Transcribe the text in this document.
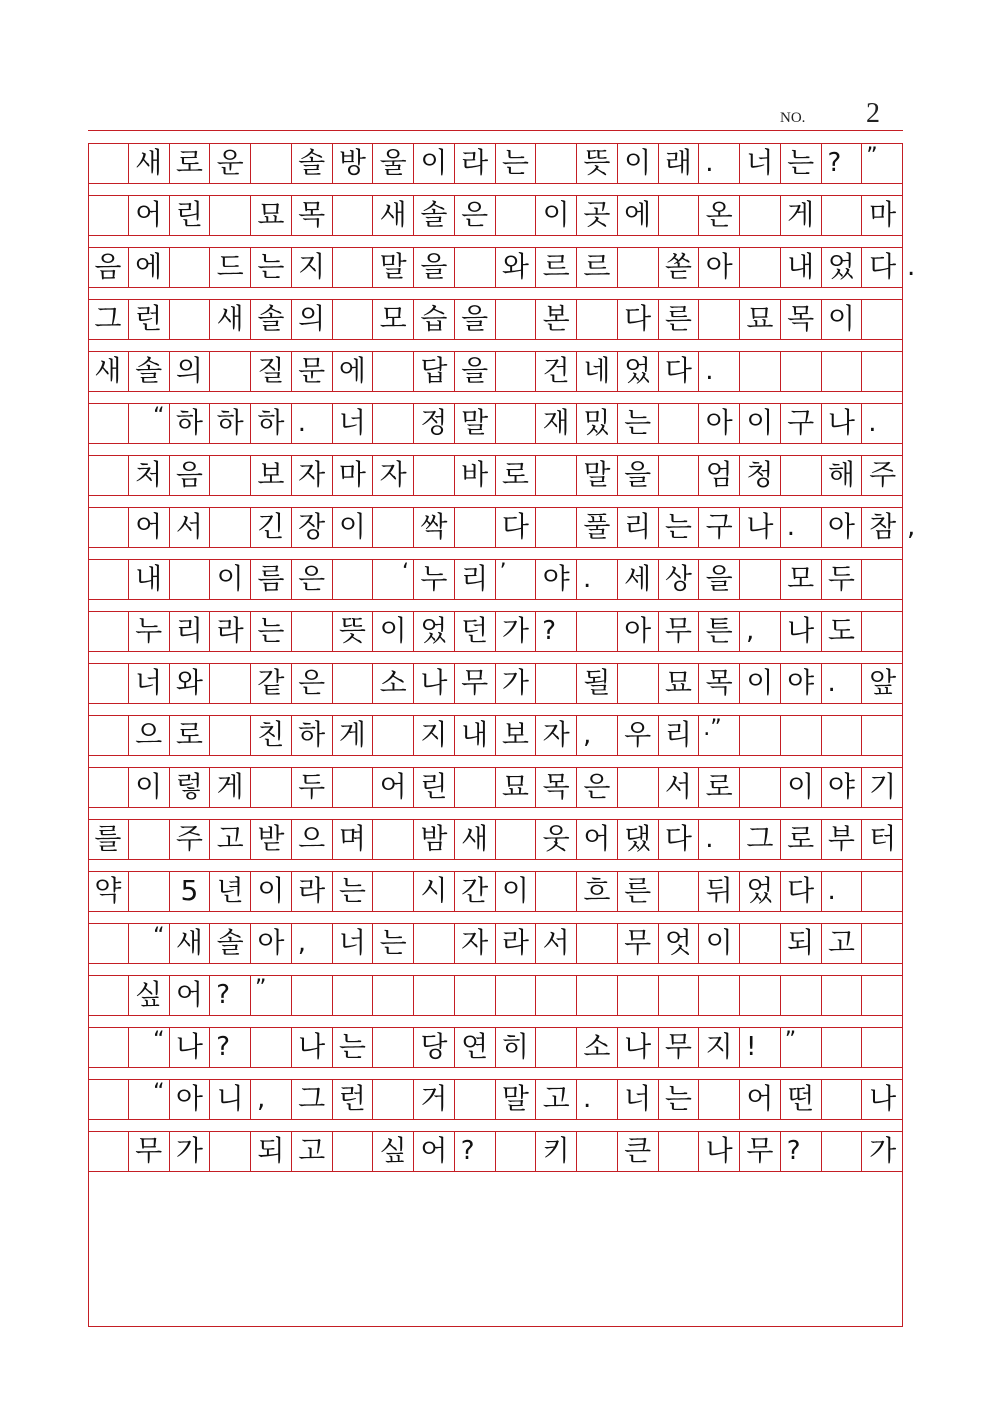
NO. 2
새 로 운 솔 방 울 이 라 는 뜻 이 래 .	너 는 ?	”
어 린 묘 목 새 솔 은 이 곳 에 온 게 마
음 에 드 는 지 말 을 와 르 르 쏟 아 내 었 다
그 런 새 솔 의 모 습 을 본 다 른 묘 목 이
새 솔 의 질 문 에 답 을 건 네 었 다 .
“ 하 하 하 .	너 정 말 재 밌 는 아 이 구 나 .
처 음 보 자 마 자 바 로 말 을 엄 청 해 주
어 서 긴 장 이 싹 다 풀 리 는 구 나 .	아 참
내 이 름 은	‘ 누 리 ’	야 .	세 상 을 모 두
누 리 라 는 뜻 이 었 던 가 ?	아 무 튼 ,	나 도
너 와 같 은 소 나 무 가 될 묘 목 이 야 .	앞
으 로 친 하 게 지 내 보 자 ,	우 리 .”
이 렇 게 두 어 린 묘 목 은 서 로 이 야 기
를 주 고 받 으 며 밤 새 웃 어 댔 다 .	그 로 부 터
약	5 년 이 라 는 시 간 이 흐 른 뒤 었 다 .
“ 새 솔 아 ,	너 는 자 라 서 무 엇 이 되 고
싶 어 ?	”
“ 나 ?	나 는 당 연 히 소 나 무 지 !	”
“ 아 니 ,	그 런 거 말 고 .	너 는 어 떤 나
무 가 되 고 싶 어 ?	키 큰 나 무 ?	가
.
,
